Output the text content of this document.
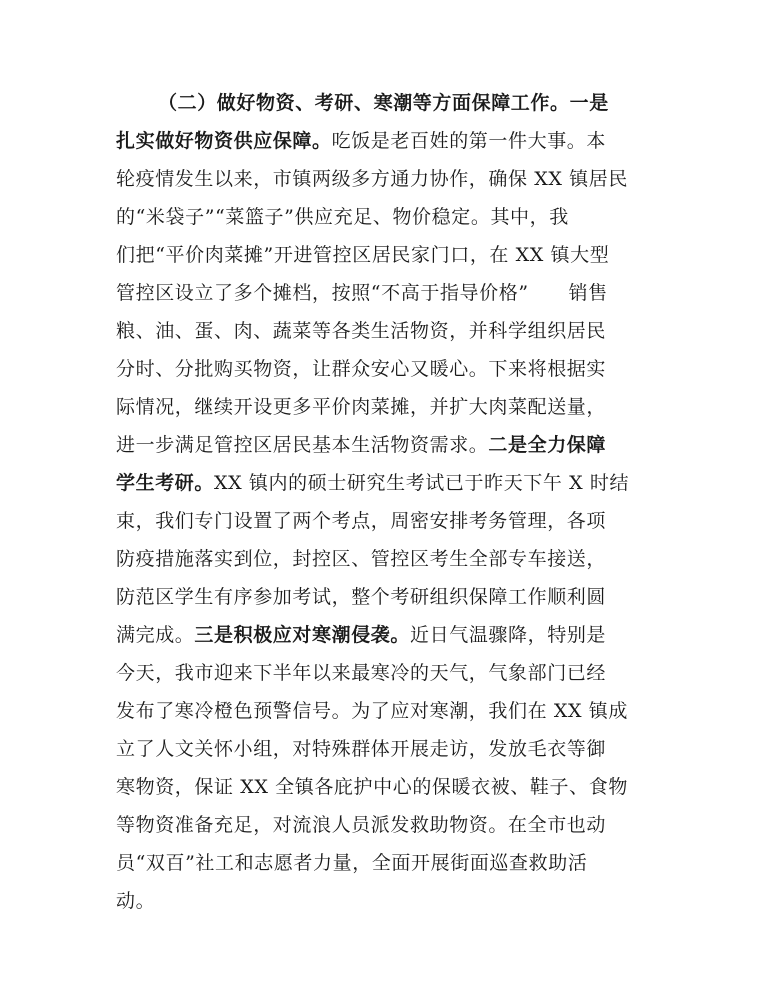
（二）做好物资、考研、寒潮等方面保障工作。一是
扎实做好物资供应保障。吃饭是老百姓的第一件大事。本
轮疫情发生以来，市镇两级多方通力协作，确保 XX 镇居民
的“米袋子”“菜篮子”供应充足、物价稳定。其中，我
们把“平价肉菜摊”开进管控区居民家门口，在 XX 镇大型
管控区设立了多个摊档，按照“不高于指导价格”      销售
粮、油、蛋、肉、蔬菜等各类生活物资，并科学组织居民
分时、分批购买物资，让群众安心又暖心。下来将根据实
际情况，继续开设更多平价肉菜摊，并扩大肉菜配送量，
进一步满足管控区居民基本生活物资需求。二是全力保障
学生考研。XX 镇内的硕士研究生考试已于昨天下午 X 时结
束，我们专门设置了两个考点，周密安排考务管理，各项
防疫措施落实到位，封控区、管控区考生全部专车接送，
防范区学生有序参加考试，整个考研组织保障工作顺利圆
满完成。三是积极应对寒潮侵袭。近日气温骤降，特别是
今天，我市迎来下半年以来最寒冷的天气，气象部门已经
发布了寒冷橙色预警信号。为了应对寒潮，我们在 XX 镇成
立了人文关怀小组，对特殊群体开展走访，发放毛衣等御
寒物资，保证 XX 全镇各庇护中心的保暖衣被、鞋子、食物
等物资准备充足，对流浪人员派发救助物资。在全市也动
员“双百”社工和志愿者力量，全面开展街面巡查救助活
动。
